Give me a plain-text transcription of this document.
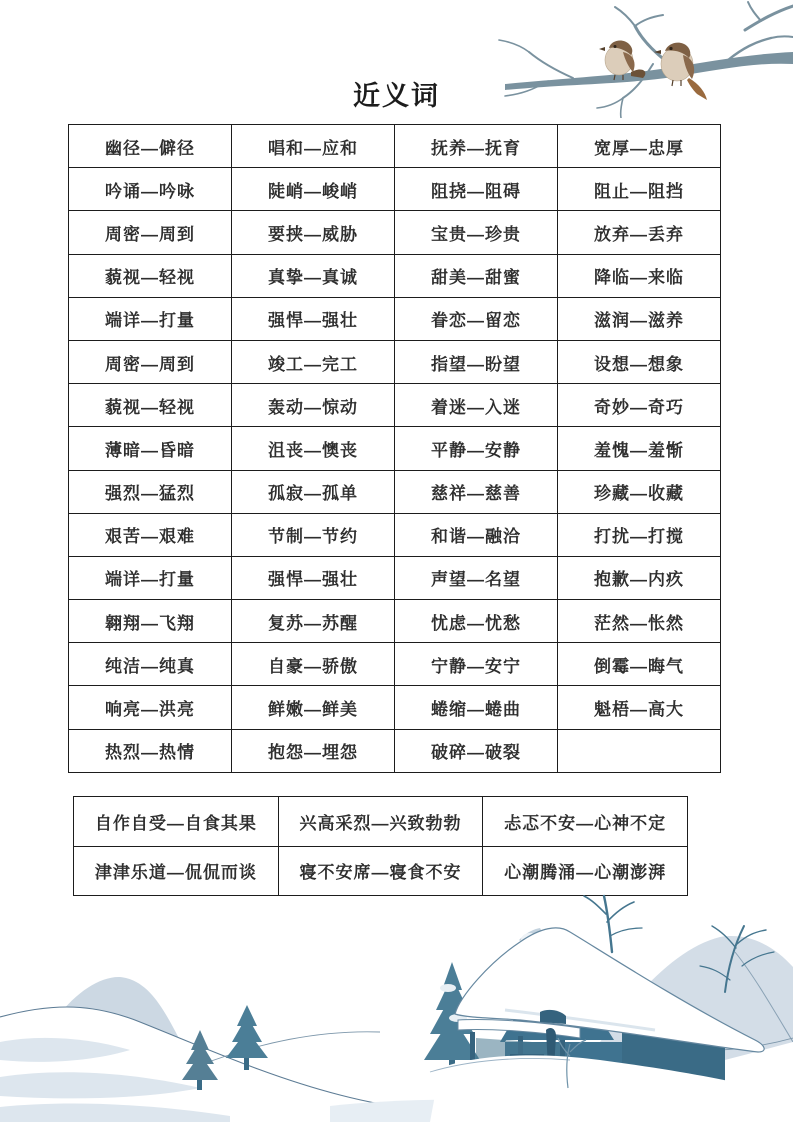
近义词
幽径—僻径	唱和—应和	抚养—抚育	宽厚—忠厚
吟诵—吟咏	陡峭—峻峭	阻挠—阻碍	阻止—阻挡
周密—周到	要挟—威胁	宝贵—珍贵	放弃—丢弃
藐视—轻视	真挚—真诚	甜美—甜蜜	降临—来临
端详—打量	强悍—强壮	眷恋—留恋	滋润—滋养
周密—周到	竣工—完工	指望—盼望	设想—想象
藐视—轻视	轰动—惊动	着迷—入迷	奇妙—奇巧
薄暗—昏暗	沮丧—懊丧	平静—安静	羞愧—羞惭
强烈—猛烈	孤寂—孤单	慈祥—慈善	珍藏—收藏
艰苦—艰难	节制—节约	和谐—融洽	打扰—打搅
端详—打量	强悍—强壮	声望—名望	抱歉—内疚
翱翔—飞翔	复苏—苏醒	忧虑—忧愁	茫然—怅然
纯洁—纯真	自豪—骄傲	宁静—安宁	倒霉—晦气
响亮—洪亮	鲜嫩—鲜美	蜷缩—蜷曲	魁梧—高大
热烈—热情	抱怨—埋怨	破碎—破裂	
自作自受—自食其果	兴高采烈—兴致勃勃	忐忑不安—心神不定
津津乐道—侃侃而谈	寝不安席—寝食不安	心潮腾涌—心潮澎湃
